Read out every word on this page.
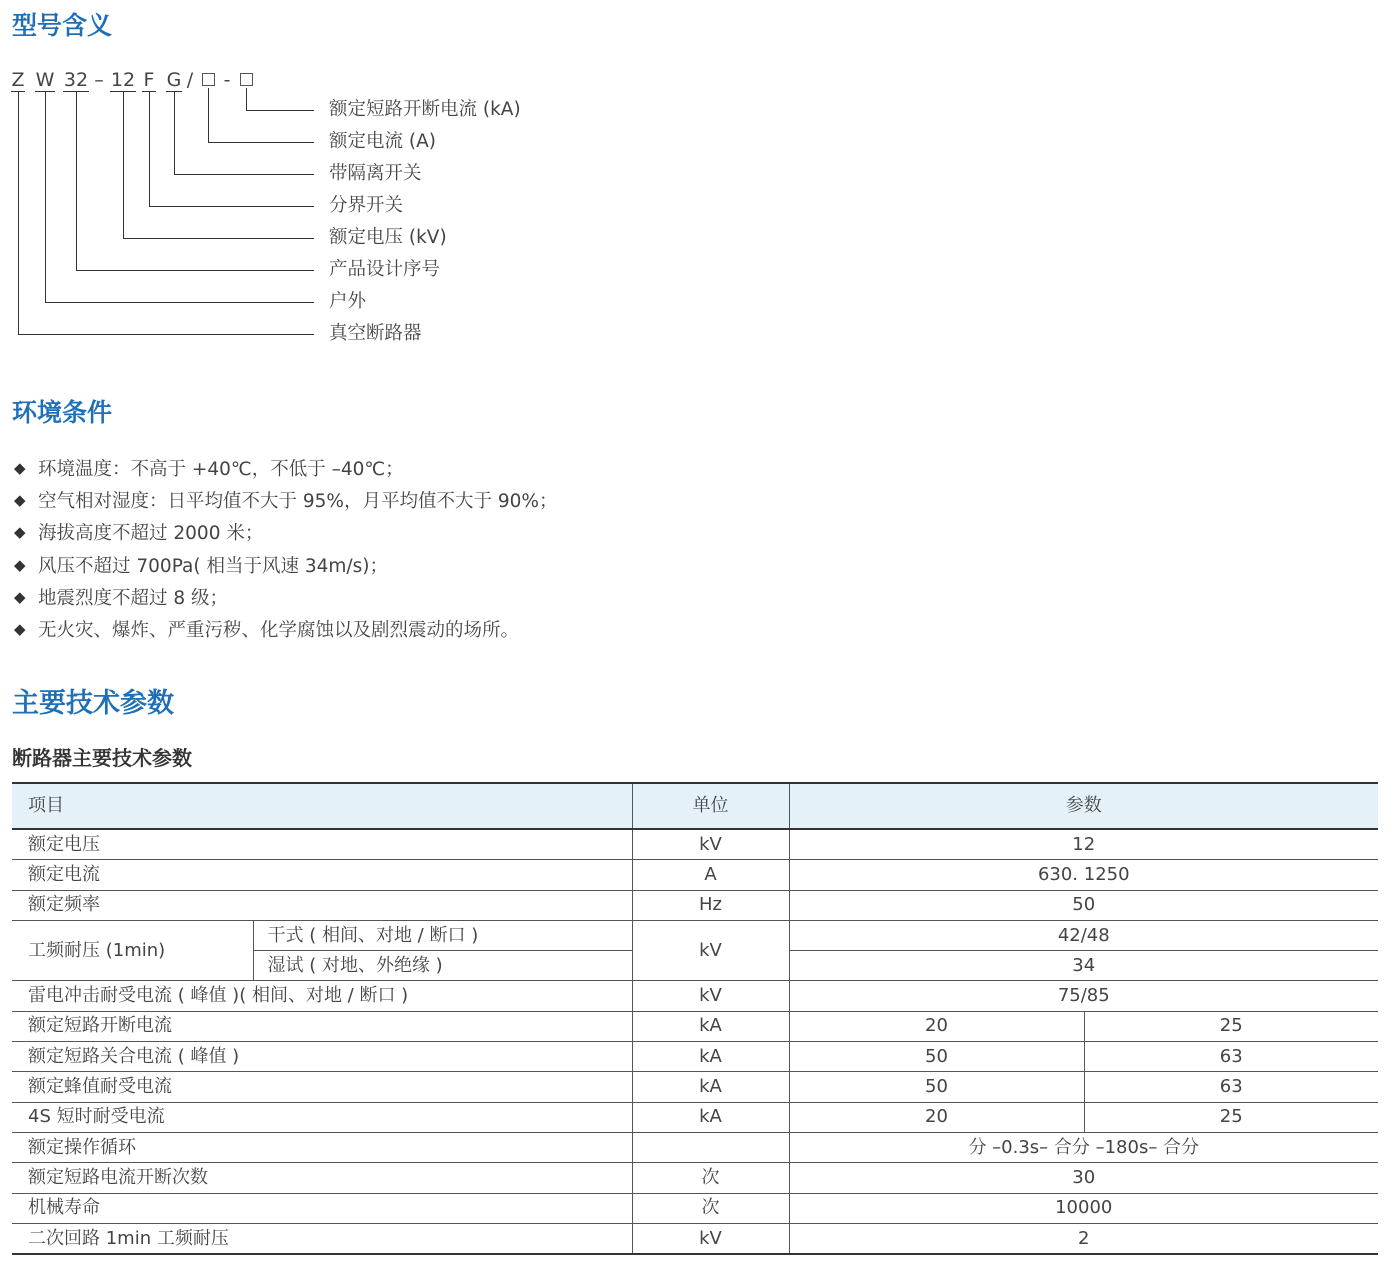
型号含义
Z W 32 – 12 F G / -
额定短路开断电流 (kA)
额定电流 (A)
带隔离开关
分界开关
额定电压 (kV)
产品设计序号
户外
真空断路器
环境条件
◆ 环境温度：不高于 +40℃，不低于 –40℃；
◆ 空气相对湿度：日平均值不大于 95%，月平均值不大于 90%；
◆ 海拔高度不超过 2000 米；
◆ 风压不超过 700Pa( 相当于风速 34m/s)；
◆ 地震烈度不超过 8 级；
◆ 无火灾、爆炸、严重污秽、化学腐蚀以及剧烈震动的场所。
主要技术参数
断路器主要技术参数
项目		单位	参数	
额定电压		kV	12	
额定电流		A	630. 1250	
额定频率		Hz	50	
工频耐压 (1min)	干式 ( 相间、对地 / 断口 )	kV	42/48	
	湿试 ( 对地、外绝缘 )		34	
雷电冲击耐受电流 ( 峰值 )( 相间、对地 / 断口 )		kV	75/85	
额定短路开断电流		kA	20	25
额定短路关合电流 ( 峰值 )		kA	50	63
额定蜂值耐受电流		kA	50	63
4S 短时耐受电流		kA	20	25
额定操作循环			分 –0.3s– 合分 –180s– 合分	
额定短路电流开断次数		次	30	
机械寿命		次	10000	
二次回路 1min 工频耐压		kV	2	
